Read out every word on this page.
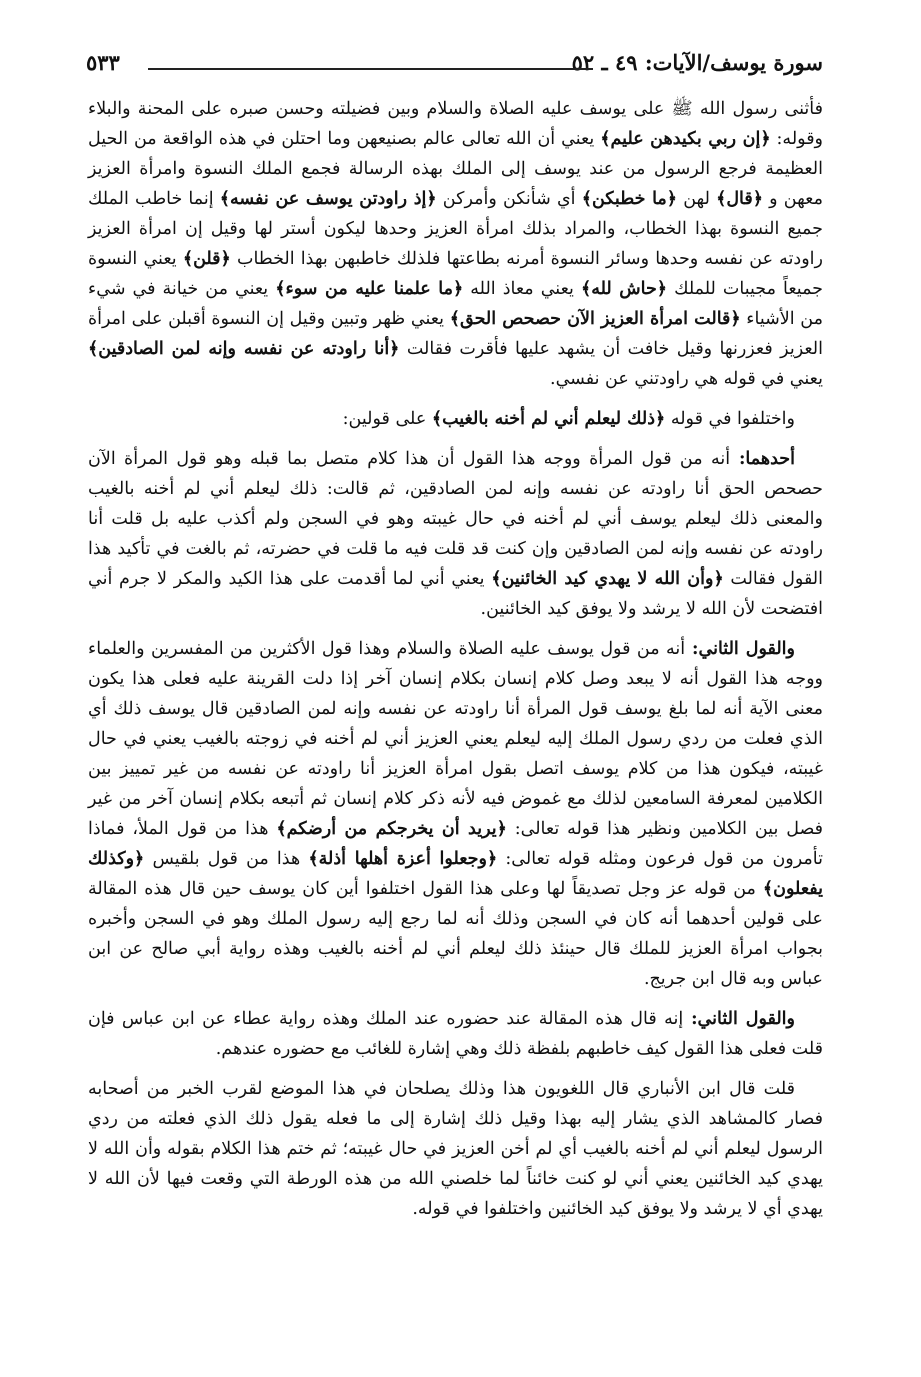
سورة يوسف/الآيات: ٤٩ ـ ٥٢
٥٣٣

فأثنى رسول الله ﷺ على يوسف عليه الصلاة والسلام وبين فضيلته وحسن صبره على المحنة والبلاء وقوله: ﴿إن ربي بكيدهن عليم﴾ يعني أن الله تعالى عالم بصنيعهن وما احتلن في هذه الواقعة من الحيل العظيمة فرجع الرسول من عند يوسف إلى الملك بهذه الرسالة فجمع الملك النسوة وامرأة العزيز معهن و ﴿قال﴾ لهن ﴿ما خطبكن﴾ أي شأنكن وأمركن ﴿إذ راودتن يوسف عن نفسه﴾ إنما خاطب الملك جميع النسوة بهذا الخطاب، والمراد بذلك امرأة العزيز وحدها ليكون أستر لها وقيل إن امرأة العزيز راودته عن نفسه وحدها وسائر النسوة أمرنه بطاعتها فلذلك خاطبهن بهذا الخطاب ﴿قلن﴾ يعني النسوة جميعاً مجيبات للملك ﴿حاش لله﴾ يعني معاذ الله ﴿ما علمنا عليه من سوء﴾ يعني من خيانة في شيء من الأشياء ﴿قالت امرأة العزيز الآن حصحص الحق﴾ يعني ظهر وتبين وقيل إن النسوة أقبلن على امرأة العزيز فعزرنها وقيل خافت أن يشهد عليها فأقرت فقالت ﴿أنا راودته عن نفسه وإنه لمن الصادقين﴾ يعني في قوله هي راودتني عن نفسي.

واختلفوا في قوله ﴿ذلك ليعلم أني لم أخنه بالغيب﴾ على قولين:

أحدهما: أنه من قول المرأة ووجه هذا القول أن هذا كلام متصل بما قبله وهو قول المرأة الآن حصحص الحق أنا راودته عن نفسه وإنه لمن الصادقين، ثم قالت: ذلك ليعلم أني لم أخنه بالغيب والمعنى ذلك ليعلم يوسف أني لم أخنه في حال غيبته وهو في السجن ولم أكذب عليه بل قلت أنا راودته عن نفسه وإنه لمن الصادقين وإن كنت قد قلت فيه ما قلت في حضرته، ثم بالغت في تأكيد هذا القول فقالت ﴿وأن الله لا يهدي كيد الخائنين﴾ يعني أني لما أقدمت على هذا الكيد والمكر لا جرم أني افتضحت لأن الله لا يرشد ولا يوفق كيد الخائنين.

والقول الثاني: أنه من قول يوسف عليه الصلاة والسلام وهذا قول الأكثرين من المفسرين والعلماء ووجه هذا القول أنه لا يبعد وصل كلام إنسان بكلام إنسان آخر إذا دلت القرينة عليه فعلى هذا يكون معنى الآية أنه لما بلغ يوسف قول المرأة أنا راودته عن نفسه وإنه لمن الصادقين قال يوسف ذلك أي الذي فعلت من ردي رسول الملك إليه ليعلم يعني العزيز أني لم أخنه في زوجته بالغيب يعني في حال غيبته، فيكون هذا من كلام يوسف اتصل بقول امرأة العزيز أنا راودته عن نفسه من غير تمييز بين الكلامين لمعرفة السامعين لذلك مع غموض فيه لأنه ذكر كلام إنسان ثم أتبعه بكلام إنسان آخر من غير فصل بين الكلامين ونظير هذا قوله تعالى: ﴿يريد أن يخرجكم من أرضكم﴾ هذا من قول الملأ، فماذا تأمرون من قول فرعون ومثله قوله تعالى: ﴿وجعلوا أعزة أهلها أذلة﴾ هذا من قول بلقيس ﴿وكذلك يفعلون﴾ من قوله عز وجل تصديقاً لها وعلى هذا القول اختلفوا أين كان يوسف حين قال هذه المقالة على قولين أحدهما أنه كان في السجن وذلك أنه لما رجع إليه رسول الملك وهو في السجن وأخبره بجواب امرأة العزيز للملك قال حينئذ ذلك ليعلم أني لم أخنه بالغيب وهذه رواية أبي صالح عن ابن عباس وبه قال ابن جريج.

والقول الثاني: إنه قال هذه المقالة عند حضوره عند الملك وهذه رواية عطاء عن ابن عباس فإن قلت فعلى هذا القول كيف خاطبهم بلفظة ذلك وهي إشارة للغائب مع حضوره عندهم.

قلت قال ابن الأنباري قال اللغويون هذا وذلك يصلحان في هذا الموضع لقرب الخبر من أصحابه فصار كالمشاهد الذي يشار إليه بهذا وقيل ذلك إشارة إلى ما فعله يقول ذلك الذي فعلته من ردي الرسول ليعلم أني لم أخنه بالغيب أي لم أخن العزيز في حال غيبته؛ ثم ختم هذا الكلام بقوله وأن الله لا يهدي كيد الخائنين يعني أني لو كنت خائناً لما خلصني الله من هذه الورطة التي وقعت فيها لأن الله لا يهدي أي لا يرشد ولا يوفق كيد الخائنين واختلفوا في قوله.
